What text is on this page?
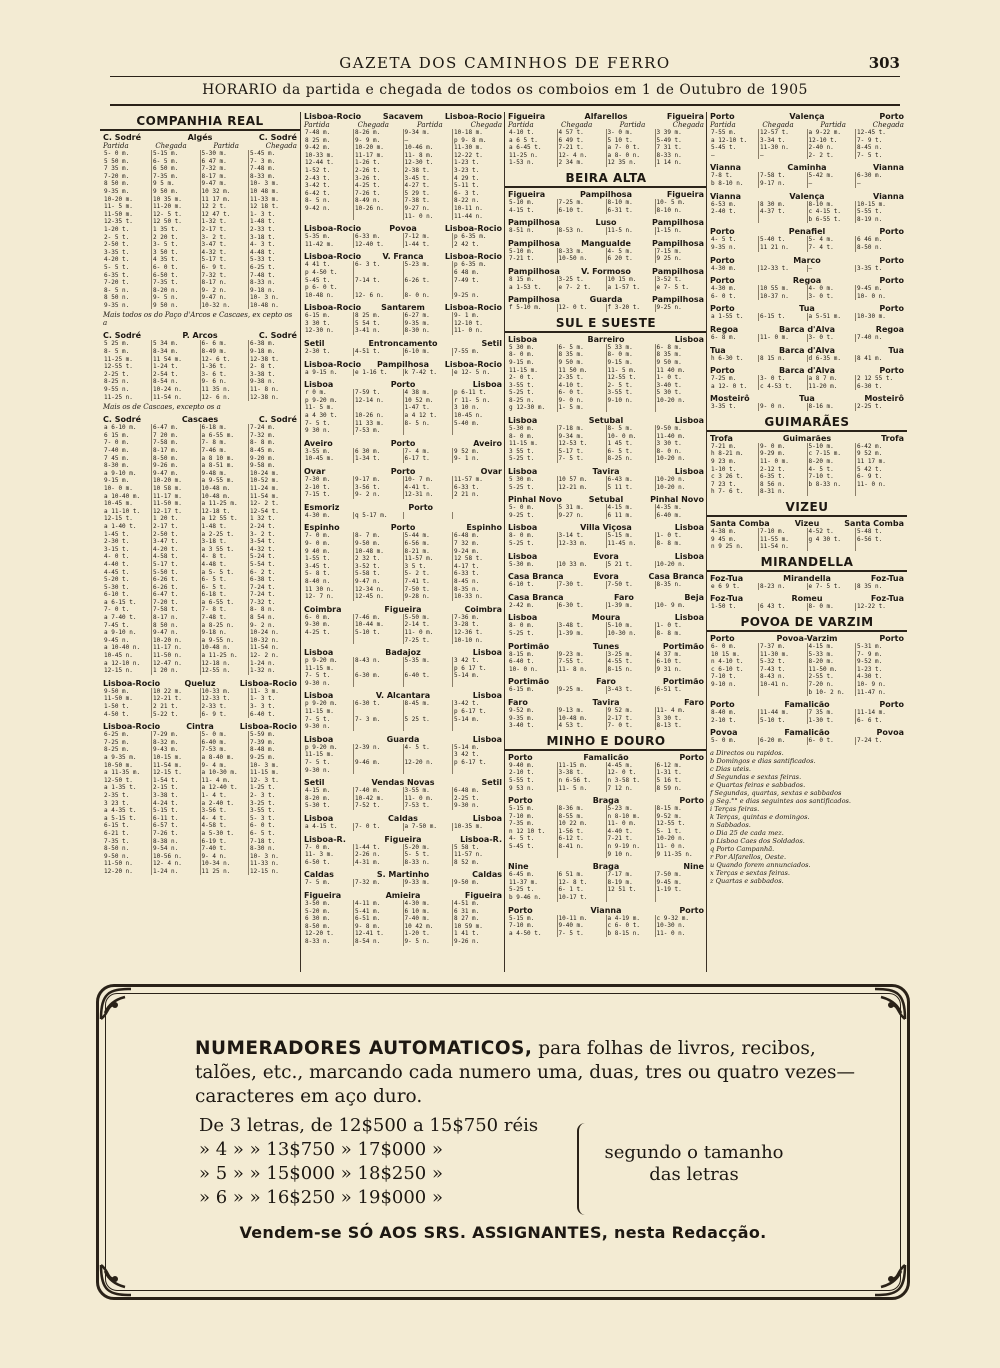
GAZETA DOS CAMINHOS DE FERRO	303
HORARIO da partida e chegada de todos os comboios em 1 de Outubro de 1905
COMPANHIA REAL
C. Sodré	Algés	C. Sodré
Partida	Chegada	Partida	Chegada
5- 0 m.	5-15 m.	5-30 m.	5-45 m.
5 50 m.	6- 5 m.	6 47 m.	7- 3 m.
7 35 m.	6 50 m.	7-32 m.	7-48 m.
7-20 m.	7-35 m.	8-17 m.	8-33 m.
8 50 m.	9 5 m.	9-47 m.	10- 3 m.
9-35 m.	9 50 m.	10 32 m.	10 48 m.
10-20 m.	10 35 m.	11 17 m.	11-33 m.
11- 5 m.	11-20 m.	12 2 t.	12 18 t.
11-50 m.	12- 5 t.	12 47 t.	1- 3 t.
12-35 t.	12 50 t.	1-32 t.	1-48 t.
1-20 t.	1 35 t.	2-17 t.	2-33 t.
2- 5 t.	2 20 t.	3- 2 t.	3-18 t.
2-50 t.	3- 5 t.	3-47 t.	4- 3 t.
3-35 t.	3 50 t.	4-32 t.	4-48 t.
4-20 t.	4 35 t.	5-17 t.	5-33 t.
5- 5 t.	6- 0 t.	6- 9 t.	6-25 t.
6-35 t.	6-50 t.	7-32 t.	7-48 t.
7-20 t.	7-35 t.	8-17 n.	8-33 n.
8- 5 n.	8-20 n.	9- 2 n.	9-18 n.
8 50 n.	9- 5 n.	9-47 n.	10- 3 n.
9-35 n.	9 50 n.	10-32 n.	10-48 n.
Mais todos os do Paço d'Arcos e Cascaes, ex cepto os a
C. Sodré	P. Arcos	C. Sodré
5 25 m.	5 34 m.	6- 6 m.	6-38 m.
8- 5 m.	8-34 m.	8-49 m.	9-18 m.
11-25 m.	11 54 m.	12- 6 t.	12-38 t.
12-55 t.	1-24 t.	1-36 t.	2- 8 t.
2-25 t.	2-54 t.	3- 6 t.	3-38 t.
8-25 n.	8-54 n.	9- 6 n.	9-38 n.
9-55 n.	10-24 n.	11 35 n.	11- 8 n.
11-25 n.	11-54 n.	12- 6 n.	12-38 n.
Mais os de Cascaes, excepto os a
C. Sodré	Cascaes	C. Sodré
a 6-10 m.	6-47 m.	6-18 m.	7-24 m.
6 15 m.	7 20 m.	a 6-55 m.	7-32 m.
7- 0 m.	7-58 m.	7- 8 m.	8- 8 m.
7-40 m.	8-17 m.	7-46 m.	8-45 m.
7 45 m.	8-50 m.	a 8 10 m.	9-20 m.
8-30 m.	9-26 m.	a 8-51 m.	9-58 m.
a 9-10 m.	9-47 m.	9-48 m.	10-24 m.
9-15 m.	10-20 m.	a 9-55 m.	10-52 m.
10- 0 m.	10 58 m.	10-48 m.	11-24 m.
a 10-40 m.	11-17 m.	10-48 m.	11-54 m.
10-45 m.	11-50 m.	a 11-25 m.	12- 2 t.
a 11-10 t.	12-17 t.	12-18 t.	12-54 t.
12-15 t.	1 20 t.	a 12 55 t.	1 32 t.
a 1-40 t.	2-17 t.	1-48 t.	2-24 t.
1-45 t.	2-50 t.	a 2-25 t.	3- 2 t.
2-30 t.	3-47 t.	3-18 t.	3-54 t.
3-15 t.	4-20 t.	a 3 55 t.	4-32 t.
4- 0 t.	4-58 t.	4- 8 t.	5-24 t.
4-40 t.	5-17 t.	4-48 t.	5-54 t.
4-45 t.	5-50 t.	a 5- 5 t.	6- 2 t.
5-20 t.	6-26 t.	6- 5 t.	6-38 t.
5-30 t.	6-26 t.	6- 5 t.	7-24 t.
6-10 t.	6-47 t.	6-18 t.	7-24 t.
a 6-15 t.	7-20 t.	a 6-55 t.	7-32 t.
7- 0 t.	7-58 t.	7- 8 t.	8- 8 n.
a 7-40 t.	8-17 n.	7-48 t.	8 54 n.
7-45 t.	8 50 n.	a 8-25 n.	9- 2 n.
a 9-10 n.	9-47 n.	9-18 n.	10-24 n.
9-45 n.	10-20 n.	a 9-55 n.	10-32 n.
a 10-40 n.	11-17 n.	10-48 n.	11-54 n.
10-45 n.	11-50 n.	a 11-25 n.	12- 2 n.
a 12-10 n.	12-47 n.	12-18 n.	1-24 n.
12-15 n.	1 20 n.	12-55 n.	1-32 n.
Lisboa-Rocio	Queluz	Lisboa-Rocio
9-50 m.	10 22 m.	10-33 m.	11- 3 m.
11-50 m.	12-21 t.	12-33 t.	1- 3 t.
1-50 t.	2 21 t.	2-33 t.	3- 3 t.
4-50 t.	5-22 t.	6- 9 t.	6-40 t.
Lisboa-Rocio	Cintra	Lisboa-Rocio
6-25 m.	7-29 m.	5- 0 m.	5-59 m.
7-25 m.	8-32 m.	6-40 m.	7-39 m.
8-25 m.	9-43 m.	7-53 m.	8-48 m.
a 9-35 m.	10-15 m.	a 8-40 m.	9-25 m.
10-50 m.	11-54 m.	9- 4 m.	10- 3 m.
a 11-35 m.	12-15 t.	a 10-30 m.	11-15 m.
12-50 t.	1-54 t.	11- 4 m.	12- 3 t.
a 1-35 t.	2-15 t.	a 12-40 t.	1-25 t.
2-35 t.	3-38 t.	1- 4 t.	2- 3 t.
3 23 t.	4-24 t.	a 2-40 t.	3-25 t.
a 4-35 t.	5-15 t.	3-56 t.	3-55 t.
a 5-15 t.	6-11 t.	4- 4 t.	5- 3 t.
6-15 t.	6-57 t.	4-58 t.	6- 0 t.
6-21 t.	7-26 t.	a 5-30 t.	6- 5 t.
7-35 t.	8-38 n.	6-19 t.	7-18 t.
8-50 n.	9-54 n.	7-40 t.	8-30 n.
9-50 n.	10-56 n.	9- 4 n.	10- 3 n.
11-50 n.	12- 4 n.	10-34 n.	11-33 n.
12-20 n.	1-24 n.	11 25 n.	12-15 n.
Lisboa-Rocio	Sacavem	Lisboa-Rocio
Partida	Chegada	Partida	Chegada
7-48 m.	8-26 m.	9-34 m.	10-18 m.
8 25 m.	9- 9 m.	—	p 9- 8 m.
9-42 m.	10-20 m.	10-46 m.	11-30 m.
10-33 m.	11-17 m.	11- 8 m.	12-22 t.
12-44 t.	1-26 t.	12-30 t.	1-23 t.
1-52 t.	2-26 t.	2-38 t.	3-23 t.
2-43 t.	3-26 t.	3-45 t.	4 29 t.
3-42 t.	4-25 t.	4-27 t.	5-11 t.
6-42 t.	7-26 t.	5 29 t.	6- 3 t.
8- 5 n.	8-49 n.	7-38 t.	8-22 n.
9-42 n.	10-26 n.	9-27 n.	10-11 n.
		11- 0 n.	11-44 n.
Lisboa-Rocio	Povoa	Lisboa-Rocio
5-35 m.	6-33 m.	7-12 m.	p 6-35 m.
11-42 m.	12-40 t.	1-44 t.	2 42 t.
Lisboa-Rocio	V. Franca	Lisboa-Rocio
4 41 t.	6- 3 t.	5-23 m.	p 6-35 m.
p 4-50 t.			6 48 m.
5-45 t.	7-14 t.	6-26 t.	7-49 t.
p 6- 0 t.			
10-48 n.	12- 6 n.	8- 0 n.	9-25 n.
Lisboa-Rocio Santarem Lisboa-Rocio
6-15 m.	8 25 m.	6-27 m.	9- 1 m.
3 30 t.	5 54 t.	9-35 m.	12-10 t.
12-30 n.	3-41 n.	8-30 n.	11- 0 n.
Setil	Entroncamento	Setil
2-30 t.	4-51 t.	6-10 m.	7-55 m.
Lisboa-Rocio Pampilhosa Lisboa-Rocio
a 9-15 n.	e 1-16 t.	k 7-42 t.	e 12- 5 n.
Lisboa	Porto	Lisboa
r 0 m.	7-59 t.	4 38 m.	p 6-11 t.
p 9-20 m.	12-14 n.	10 52 m.	r 11- 5 n.
11- 5 m.		1-47 t.	3 10 n.
a 4 30 t.	10-26 n.	a 4 12 t.	10-45 n.
7- 5 t.	11 33 m.	8- 5 n.	5-40 m.
9 30 n.	7-53 m.		
Aveiro	Porto	Aveiro
3-55 m.	6 30 m.	7- 4 m.	9 52 m.
10-45 m.	1-34 t.	6-17 t.	9- 1 n.
Ovar	Porto	Ovar
7-30 m.	9-17 m.	10- 7 m.	11-57 m.
2-10 t.	3-56 t.	4-41 t.	6-33 t.
7-15 t.	9- 2 n.	12-31 n.	2 21 n.
Esmoriz	Porto
4-30 m.	q 5-17 m.		
Espinho	Porto	Espinho
7- 0 m.	8- 7 m.	5-44 m.	6-48 m.
9- 0 m.	9-50 m.	6-56 m.	7 32 m.
9 40 m.	10-48 m.	8-21 m.	9-24 m.
1-55 t.	2 32 t.	11-57 m.	12 58 t.
3-45 t.	3-52 t.	3 5 t.	4-17 t.
5- 8 t.	5-58 t.	5- 2 t.	6-33 t.
8-40 n.	9-47 n.	7-41 t.	8-45 n.
11 30 n.	12-34 n.	7-50 t.	8-35 n.
12- 7 n.	12-45 n.	9-28 n.	10-33 n.
Coimbra	Figueira	Coimbra
6- 0 m.	7-46 m.	5-50 m.	7-36 m.
9-30 m.	10-44 m.	2-14 t.	3-28 t.
4-25 t.	5-10 t.	11- 0 m.	12-36 t.
		7-25 t.	10-10 n.
Lisboa	Badajoz	Lisboa
p 9-20 m.	8-43 n.	5-35 m.	3 42 t.
11-15 m.			p 6 17 t.
7- 5 t.	6-30 m.	6-40 t.	5-14 m.
9-30 n.			
Lisboa	V. Alcantara	Lisboa
p 9-20 m.	6-30 t.	8-45 m.	3-42 t.
11-15 m.			p 6-17 t.
7- 5 t.	7- 3 m.	5 25 t.	5-14 m.
9-30 n.			
Lisboa	Guarda	Lisboa
p 9-20 m.	2-39 n.	4- 5 t.	5-14 m.
11-15 m.			3 42 t.
7- 5 t.	9-46 m.	12-20 n.	p 6-17 t.
9-30 n.			
Setil	Vendas Novas	Setil
4-15 m.	7-40 m.	3-55 m.	6-48 m.
8-20 m.	10-42 m.	11- 0 m.	2-25 t.
5-30 t.	7-52 t.	7-53 t.	9-30 n.
Lisboa	Caldas	Lisboa
a 4-15 t.	7- 0 t.	a 7-50 m.	10-35 m.
Lisboa-R.	Figueira	Lisboa-R.
7- 0 m.	1-44 t.	5-20 m.	5 58 t.
11- 3 m.	2-26 n.	5- 5 t.	11-57 n.
6-50 t.	4-31 m.	8-33 n.	8 52 m.
Caldas	S. Martinho	Caldas
7- 5 m.	7-32 m.	9-33 m.	9-50 m.
Figueira	Amieira	Figueira
3-50 m.	4-11 m.	4-30 m.	4-51 m.
5-20 m.	5-41 m.	6 10 m.	6 31 m.
6 30 m.	6-51 m.	7-40 m.	8 27 m.
8-50 m.	9- 8 m.	10 42 m.	10 59 m.
12-20 t.	12-41 t.	1-20 t.	1 41 t.
8-33 n.	8-54 n.	9- 5 n.	9-26 n.
Figueira	Alfarellos	Figueira
Partida	Chegada	Partida	Chegada
4-10 t.	4 57 t.	3- 0 m.	3 39 m.
a 6 5 t.	6 49 t.	5 10 t.	5-49 t.
a 6-45 t.	7-21 t.	a 7- 0 t.	7 31 t.
11-25 n.	12- 4 n.	a 8- 0 n.	8-33 n.
1-53 n.	2 34 m.	12 35 n.	1 14 n.
BEIRA ALTA
Figueira	Pampilhosa	Figueira
5-10 m.	7-25 m.	8-10 m.	10- 5 m.
4-15 t.	6-10 t.	6-31 t.	8-10 n.
Pampilhosa	Luso	Pampilhosa
8-51 n.	8-53 n.	11-5 n.	1-15 n.
Pampilhosa	Mangualde	Pampilhosa
5-10 m.	8-33 m.	4- 5 m.	7-15 m.
7-21 t.	10-50 n.	6 20 t.	9 25 n.
Pampilhosa	V. Formoso	Pampilhosa
8 15 m.	3-25 t.	10 15 m.	3-52 t.
a 1-53 t.	e 7- 2 t.	a 1-57 t.	e 7- 5 t.
Pampilhosa	Guarda	Pampilhosa
f 5-10 m.	12- 0 t.	f 3-20 t.	9-25 n.
SUL E SUESTE
Lisboa	Barreiro	Lisboa
5 30 m.	6- 5 m.	5 33 m.	6- 8 m.
8- 0 m.	8 35 m.	8- 0 m.	8 35 m.
9-15 m.	9 50 m.	9-15 m.	9 50 m.
11-15 m.	11 50 m.	11- 5 m.	11 40 m.
2- 0 t.	2-35 t.	12-55 t.	1- 0 t.
3-55 t.	4-10 t.	2- 5 t.	3-40 t.
5-25 t.	6- 0 t.	3-55 t.	5 30 t.
8-25 n.	9- 0 n.	9-10 n.	10-20 n.
g 12-30 m.	1- 5 m.		
Lisboa	Setubal	Lisboa
5-30 m.	7-18 m.	8- 5 m.	9-50 m.
8- 0 m.	9-34 m.	10- 0 m.	11-40 m.
11-15 m.	12-53 t.	1 45 t.	3 30 t.
3 55 t.	5-17 t.	6- 5 t.	8- 0 n.
5-25 t.	7- 5 t.	8-25 n.	10-20 n.
Lisboa	Tavira	Lisboa
5 30 m.	10 57 m.	6-43 m.	10-20 n.
5-25 t.	12-21 m.	5 11 t.	10-20 n.
Pinhal Novo	Setubal	Pinhal Novo
5- 0 m.	5 31 m.	4-15 m.	4-35 m.
9-25 t.	9-27 n.	6 11 m.	6-40 m.
Lisboa	Villa Viçosa	Lisboa
8- 0 m.	3-14 t.	5-15 m.	1- 0 t.
5-25 t.	12-33 m.	11-45 n.	8- 8 m.
Lisboa	Evora	Lisboa
5-30 m.	10 33 m.	5 21 t.	10-20 n.
Casa Branca	Evora	Casa Branca
6-10 t.	7-30 t.	7-50 t.	8-35 n.
Casa Branca	Faro	Beja
2-42 m.	6-30 t.	1-39 m.	10- 9 m.
Lisboa	Moura	Lisboa
8- 0 m.	3-48 t.	5-10 m.	1- 0 t.
5-25 t.	1-39 m.	10-30 n.	8- 8 m.
Portimão	Tunes	Portimão
8-15 m.	9-23 m.	3-25 m.	4 37 m.
6-40 t.	7-55 t.	4-55 t.	6-10 t.
10- 0 n.	11- 8 n.	8-15 n.	9 31 n.
Portimão	Faro	Portimão
6-15 m.	9-25 m.	3-43 t.	6-51 t.
Faro	Tavira	Faro
9-52 m.	9-13 m.	9 52 m.	11- 4 m.
9-35 m.	10-48 m.	2-17 t.	3 30 t.
3-40 t.	4 53 t.	7- 0 t.	8-13 t.
MINHO E DOURO
Porto	Famalicão	Porto
9-40 m.	11-15 m.	4-45 m.	6-12 m.
2-10 t.	3-38 t.	12- 0 t.	1-31 t.
5-55 t.	n 6-56 t.	n 3-58 t.	5 16 t.
9 53 n.	11- 5 n.	7 12 n.	8 59 n.
Porto	Braga	Porto
5-15 m.	8-36 m.	5-23 m.	8-15 m.
7-10 m.	8-55 m.	n 8-10 m.	9-52 m.
7-35 m.	10 22 m.	11- 0 m.	12-55 t.
n 12 10 t.	1-56 t.	4-40 t.	5- 1 t.
4- 5 t.	6-12 t.	7-21 t.	10-20 n.
5-45 t.	8-41 n.	n 9-19 n.	11- 0 n.
		9 10 n.	9 11-35 n.
Nine	Braga	Nine
6-45 m.	6 51 m.	7-17 m.	7-50 m.
11-37 m.	12- 8 t.	8-19 m.	9-45 m.
5-25 t.	6- 1 t.	12 51 t.	1-19 t.
b 9-46 n.	10-17 t.		
Porto	Vianna	Porto
5-15 m.	10-11 m.	a 4-19 m.	c 9-32 m.
7-10 m.	9-40 m.	c 6- 0 t.	10-30 n.
a 4-50 t.	7- 5 t.	b 8-15 n.	11- 0 n.
Porto	Valença	Porto
Partida	Chegada	Partida	Chegada
7-55 m.	12-57 t.	a 9-22 m.	12-45 t.
a 12-10 t.	3-34 t.	12-10 t.	7- 9 t.
5-45 t.	11-30 n.	2-40 n.	8-45 n.
—	—	2- 2 t.	7- 5 t.
Vianna	Caminha	Vianna
7-8 t.	7-58 t.	5-42 m.	6-30 m.
b 8-10 n.	9-17 n.	—	—
Vianna	Valença	Vianna
6-53 m.	8 30 m.	8-10 m.	10-15 m.
2-40 t.	4-37 t.	c 4-15 t.	5-55 t.
		b 6-55 t.	8-19 n.
Porto	Penafiel	Porto
4- 5 t.	5-40 t.	5- 4 m.	6 46 m.
9-35 n.	11 21 n.	7- 4 t.	8-50 n.
Porto	Marco	Porto
4-30 m.	12-33 t.	—	3-35 t.
Porto	Regoa	Porto
4-30 m.	10 55 m.	4- 0 m.	9-45 m.
6- 0 t.	10-37 n.	3- 0 t.	10- 0 n.
Porto	Tua	Porto
a 1-55 t.	6-15 t.	a 5-51 m.	10-30 m.
Regoa	Barca d'Alva	Regoa
6- 8 m.	11- 0 m.	3- 0 t.	7-40 n.
Tua	Barca d'Alva	Tua
h 6-30 t.	8 15 n.	d 6-35 m.	8 41 m.
Porto	Barca d'Alva	Porto
7-25 m.	3- 0 t.	a 8 7 m.	2 12 55 t.
a 12- 0 t.	c 4-53 t.	11-20 m.	6-30 t.
Mosteirô	Tua	Mosteirô
3-35 t.	9- 0 n.	8-16 m.	2-25 t.
GUIMARÃES
Trofa	Guimarães	Trofa
7-21 m.	9- 0 m.	5-10 m.	6-42 m.
h 8-21 m.	9-29 m.	c 7-15 m.	9 52 m.
9 23 m.	11- 0 m.	8-20 m.	11 17 m.
1-10 t.	2-12 t.	4- 5 t.	5 42 t.
c 3 26 t.	6-35 t.	7-10 t.	6- 9 t.
7 23 t.	8 56 n.	b 8-33 n.	11- 0 n.
h 7- 6 t.	8-31 n.		
VIZEU
Santa Comba	Vizeu	Santa Comba
4-38 m.	7-10 m.	4-52 t.	5-48 t.
9 45 m.	11-55 m.	g 4 30 t.	6-56 t.
n 9 25 n.	11-54 n.		
MIRANDELLA
Foz-Tua	Mirandella	Foz-Tua
e 6 9 t.	8-23 n.	e 7- 5 t.	8 35 n.
Foz-Tua	Romeu	Foz-Tua
1-50 t.	6 43 t.	8- 0 m.	12-22 t.
POVOA DE VARZIM
Porto	Povoa-Varzim	Porto
6- 0 m.	7-37 m.	4-15 m.	5-31 m.
10 15 m.	11-30 m.	5-33 m.	7- 9 m.
n 4-10 t.	5-32 t.	8-20 m.	9-52 m.
c 6-10 t.	7-43 t.	11-50 m.	1-23 t.
7-10 t.	8-43 n.	2-55 t.	4-30 t.
9-10 n.	10-41 n.	7-20 n.	10- 9 n.
		b 10- 2 n.	11-47 n.
Porto	Famalicão	Porto
8-40 m.	11-44 m.	7 35 m.	11-14 m.
2-10 t.	5-10 t.	1-30 t.	6- 6 t.
Povoa	Famalicão	Povoa
5- 0 m.	6-20 m.	6- 0 t.	7-24 t.
a Directos ou rapidos.
b Domingos e dias santificados.
c Dias uteis.
d Segundas e sextas feiras.
e Quartas feiras e sabbados.
f Segundas, quartas, sextas e sabbados
g Seg.°° e dias seguintes aos santificados.
i Terças feiras.
k Terças, quintas e domingos.
n Sabbados.
o Dia 25 de cada mez.
p Lisboa Caes dos Soldados.
q Porto Campanhã.
r Por Alfarellos, Oeste.
u Quando forem annunciados.
x Terças e sextas feiras.
z Quartas e sabbados.
NUMERADORES AUTOMATICOS, para folhas de livros, recibos, talões, etc., marcando cada numero uma, duas, tres ou quatro vezes— caracteres em aço duro.
De 3 letras, de 12$500 a 15$750 réis
» 4 » » 13$750 » 17$000 »
» 5 » » 15$000 » 18$250 »
» 6 » » 16$250 » 19$000 »
segundo o tamanho das letras
Vendem-se SÓ AOS SRS. ASSIGNANTES, nesta Redacção.
